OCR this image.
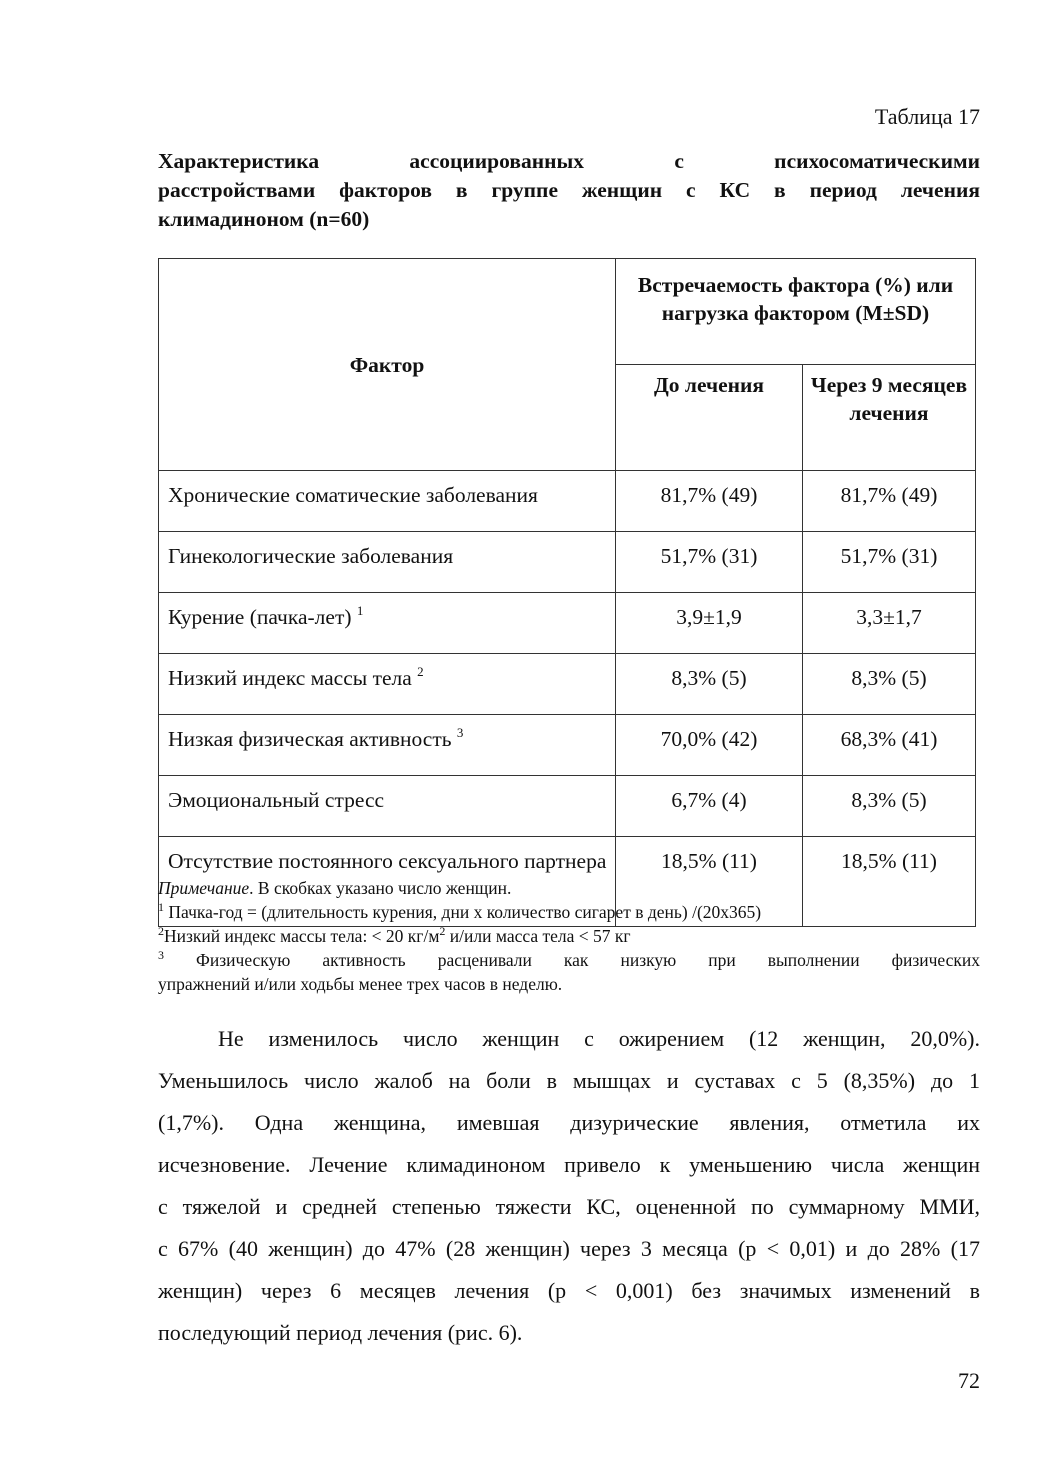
Таблица 17
Характеристика ассоциированных с психосоматическими
расстройствами факторов в группе женщин с КС в период лечения
климадиноном (n=60)
Фактор	Встречаемость фактора (%) или нагрузка фактором (M±SD)	
	До лечения	Через 9 месяцев лечения
Хронические соматические заболевания	81,7% (49)	81,7% (49)
Гинекологические заболевания	51,7% (31)	51,7% (31)
Курение (пачка-лет) $^1$	3,9±1,9	3,3±1,7
Низкий индекс массы тела $^2$	8,3% (5)	8,3% (5)
Низкая физическая активность $^3$	70,0% (42)	68,3% (41)
Эмоциональный стресс	6,7% (4)	8,3% (5)
Отсутствие постоянного сексуального партнера	18,5% (11)	18,5% (11)
Примечание. В скобках указано число женщин.
$^1$ Пачка-год = (длительность курения, дни х количество сигарет в день) /(20х365)
$^2$Низкий индекс массы тела: < 20 $кг/м^2$ и/или масса тела < 57 кг
$^3$ Физическую активность расценивали как низкую при выполнении физических
упражнений и/или ходьбы менее трех часов в неделю.
Не изменилось число женщин с ожирением (12 женщин, 20,0%).
Уменьшилось число жалоб на боли в мышцах и суставах с 5 (8,35%) до 1
(1,7%). Одна женщина, имевшая дизурические явления, отметила их
исчезновение. Лечение климадиноном привело к уменьшению числа женщин
с тяжелой и средней степенью тяжести КС, оцененной по суммарному ММИ,
с 67% (40 женщин) до 47% (28 женщин) через 3 месяца (р < 0,01) и до 28% (17
женщин) через 6 месяцев лечения (р < 0,001) без значимых изменений в
последующий период лечения (рис. 6).
72
